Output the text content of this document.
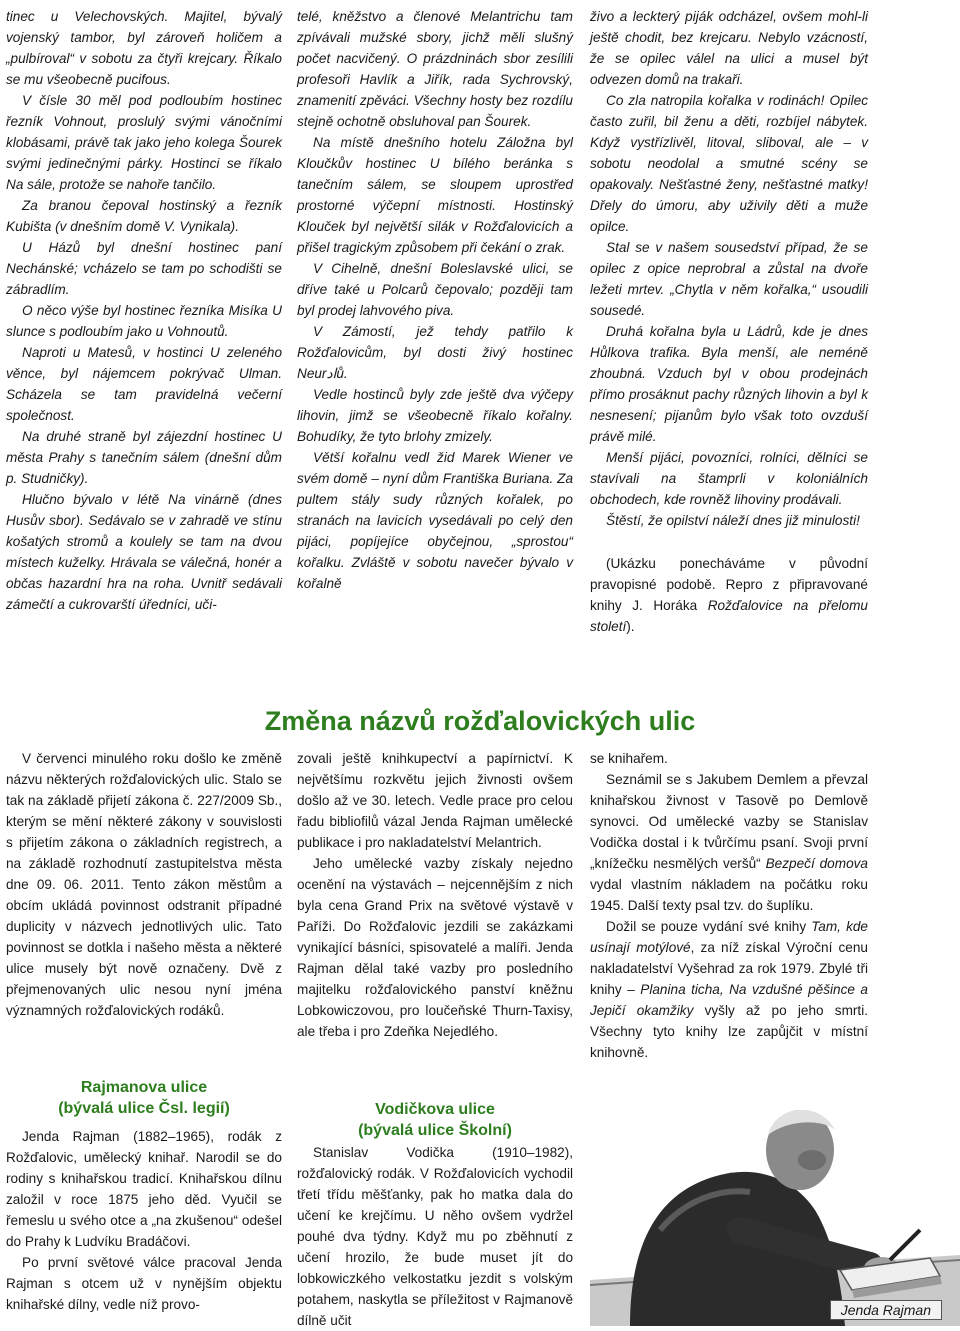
tinec u Velechovských. Majitel, bývalý vojenský tambor, byl zároveň holičem a „pulbíroval“ v sobotu za čtyři krejcary. Říkalo se mu všeobecně pucifous.

V čísle 30 měl pod podloubím hostinec řezník Vohnout, proslulý svými vánočními klobásami, právě tak jako jeho kolega Šourek svými jedinečnými párky. Hostinci se říkalo Na sále, protože se nahoře tančilo.

Za branou čepoval hostinský a řezník Kubišta (v dnešním domě V. Vynikala).

U Házů byl dnešní hostinec paní Nechánské; vcházelo se tam po schodišti se zábradlím.

O něco výše byl hostinec řezníka Misíka U slunce s podloubím jako u Vohnoutů.

Naproti u Matesů, v hostinci U zeleného věnce, byl nájemcem pokrývač Ulman. Scházela se tam pravidelná večerní společnost.

Na druhé straně byl zájezdní hostinec U města Prahy s tanečním sálem (dnešní dům p. Studničky).

Hlučno bývalo v létě Na vinárně (dnes Husův sbor). Sedávalo se v zahradě ve stínu košatých stromů a koulely se tam na dvou místech kuželky. Hrávala se válečná, honér a občas hazardní hra na roha. Uvnitř sedávali zámečtí a cukrovarští úředníci, uči-

telé, kněžstvo a členové Melantrichu tam zpívávali mužské sbory, jichž měli slušný počet nacvičený. O prázdninách sbor zesílili profesoři Havlík a Jiřík, rada Sychrovský, znamenití zpěváci. Všechny hosty bez rozdílu stejně ochotně obsluhoval pan Šourek.

Na místě dnešního hotelu Záložna byl Kloučkův hostinec U bílého beránka s tanečním sálem, se sloupem uprostřed prostorné výčepní místnosti. Hostinský Klouček byl největší silák v Rožďalovicích a přišel tragickým způsobem při čekání o zrak.

V Cihelně, dnešní Boleslavské ulici, se dříve také u Polcarů čepovalo; později tam byl prodej lahvového piva.

V Zámostí, jež tehdy patřilo k Rožďalovicům, byl dosti živý hostinec Neurادů.

Vedle hostinců byly zde ještě dva výčepy lihovin, jimž se všeobecně říkalo kořalny. Bohudíky, že tyto brlohy zmizely.

Větší kořalnu vedl žid Marek Wiener ve svém domě – nyní dům Františka Buriana. Za pultem stály sudy různých kořalek, po stranách na lavicích vysedávali po celý den pijáci, popíjejíce obyčejnou, „sprostou“ kořalku. Zvláště v sobotu navečer bývalo v kořalně

živo a leckterý piják odcházel, ovšem mohl-li ještě chodit, bez krejcaru. Nebylo vzácností, že se opilec válel na ulici a musel být odvezen domů na trakaři.

Co zla natropila kořalka v rodinách! Opilec často zuřil, bil ženu a děti, rozbíjel nábytek. Když vystřízlivěl, litoval, sliboval, ale – v sobotu neodolal a smutné scény se opakovaly. Nešťastné ženy, nešťastné matky! Dřely do úmoru, aby uživily děti a muže opilce.

Stal se v našem sousedství případ, že se opilec z opice neprobral a zůstal na dvoře ležeti mrtev. „Chytla v něm kořalka,“ usoudili sousedé.

Druhá kořalna byla u Ládrů, kde je dnes Hůlkova trafika. Byla menší, ale neméně zhoubná. Vzduch byl v obou prodejnách přímo prosáknut pachy různých lihovin a byl k nesnesení; pijanům bylo však toto ovzduší právě milé.

Menší pijáci, povozníci, rolníci, dělníci se stavívali na štamprli v koloniálních obchodech, kde rovněž lihoviny prodávali.

Štěstí, že opilství náleží dnes již minulosti!

(Ukázku ponecháváme v původní pravopisné podobě. Repro z připravované knihy J. Horáka Rožďalovice na přelomu století).

Změna názvů rožďalovických ulic

V červenci minulého roku došlo ke změně názvu některých rožďalovických ulic. Stalo se tak na základě přijetí zákona č. 227/2009 Sb., kterým se mění některé zákony v souvislosti s přijetím zákona o základních registrech, a na základě rozhodnutí zastupitelstva města dne 09. 06. 2011. Tento zákon městům a obcím ukládá povinnost odstranit případné duplicity v názvech jednotlivých ulic. Tato povinnost se dotkla i našeho města a některé ulice musely být nově označeny. Dvě z přejmenovaných ulic nesou nyní jména významných rožďalovických rodáků.

Rajmanova ulice
(bývalá ulice Čsl. legií)

Jenda Rajman (1882–1965), rodák z Rožďalovic, umělecký knihař. Narodil se do rodiny s knihařskou tradicí. Knihařskou dílnu založil v roce 1875 jeho děd. Vyučil se řemeslu u svého otce a „na zkušenou“ odešel do Prahy k Ludvíku Bradáčovi.

Po první světové válce pracoval Jenda Rajman s otcem už v nynějším objektu knihařské dílny, vedle níž provo-

zovali ještě knihkupectví a papírnictví. K největšímu rozkvětu jejich živnosti ovšem došlo až ve 30. letech. Vedle prace pro celou řadu bibliofilů vázal Jenda Rajman umělecké publikace i pro nakladatelství Melantrich.

Jeho umělecké vazby získaly nejedno ocenění na výstavách – nejcennějším z nich byla cena Grand Prix na světové výstavě v Paříži. Do Rožďalovic jezdili se zakázkami vynikající básníci, spisovatelé a malíři. Jenda Rajman dělal také vazby pro posledního majitelku rožďalovického panství kněžnu Lobkowiczovou, pro loučeňské Thurn-Taxisy, ale třeba i pro Zdeňka Nejedlého.

Vodičkova ulice
(bývalá ulice Školní)

Stanislav Vodička (1910–1982), rožďalovický rodák. V Rožďalovicích vychodil třetí třídu měšťanky, pak ho matka dala do učení ke krejčímu. U něho ovšem vydržel pouhé dva týdny. Když mu po zběhnutí z učení hrozilo, že bude muset jít do lobkowiczkého velkostatku jezdit s volským potahem, naskytla se příležitost v Rajmanově dílně učit

se knihařem.

Seznámil se s Jakubem Demlem a převzal knihařskou živnost v Tasově po Demlově synovci. Od umělecké vazby se Stanislav Vodička dostal i k tvůrčímu psaní. Svoji první „knížečku nesmělých veršů“ Bezpečí domova vydal vlastním nákladem na počátku roku 1945. Další texty psal tzv. do šuplíku.

Dožil se pouze vydání své knihy Tam, kde usínají motýlové, za níž získal Výroční cenu nakladatelství Vyšehrad za rok 1979. Zbylé tři knihy – Planina ticha, Na vzdušné pěšince a Jepičí okamžiky vyšly až po jeho smrti. Všechny tyto knihy lze zapůjčit v místní knihovně.

Jenda Rajman
